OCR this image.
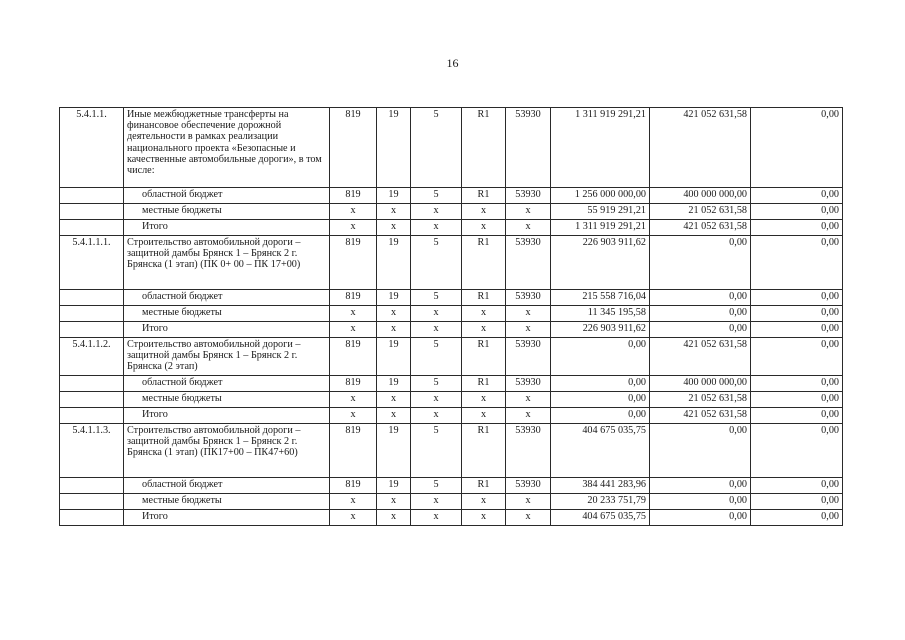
16
5.4.1.1.	Иные межбюджетные трансферты на финансовое обеспечение дорожной деятельности в рамках реализации национального проекта «Безопасные и качественные автомобильные дороги», в том числе:	819	19	5	R1	53930	1 311 919 291,21	421 052 631,58	0,00
	областной бюджет	819	19	5	R1	53930	1 256 000 000,00	400 000 000,00	0,00
	местные бюджеты	х	х	х	х	х	55 919 291,21	21 052 631,58	0,00
	Итого	х	х	х	х	х	1 311 919 291,21	421 052 631,58	0,00
5.4.1.1.1.	Строительство автомобильной дороги – защитной дамбы Брянск 1 – Брянск 2 г. Брянска (1 этап) (ПК 0+ 00 – ПК 17+00)	819	19	5	R1	53930	226 903 911,62	0,00	0,00
	областной бюджет	819	19	5	R1	53930	215 558 716,04	0,00	0,00
	местные бюджеты	х	х	х	х	х	11 345 195,58	0,00	0,00
	Итого	х	х	х	х	х	226 903 911,62	0,00	0,00
5.4.1.1.2.	Строительство автомобильной дороги – защитной дамбы Брянск 1 – Брянск 2 г. Брянска (2 этап)	819	19	5	R1	53930	0,00	421 052 631,58	0,00
	областной бюджет	819	19	5	R1	53930	0,00	400 000 000,00	0,00
	местные бюджеты	х	х	х	х	х	0,00	21 052 631,58	0,00
	Итого	х	х	х	х	х	0,00	421 052 631,58	0,00
5.4.1.1.3.	Строительство автомобильной дороги – защитной дамбы Брянск 1 – Брянск 2 г. Брянска (1 этап) (ПК17+00 – ПК47+60)	819	19	5	R1	53930	404 675 035,75	0,00	0,00
	областной бюджет	819	19	5	R1	53930	384 441 283,96	0,00	0,00
	местные бюджеты	х	х	х	х	х	20 233 751,79	0,00	0,00
	Итого	х	х	х	х	х	404 675 035,75	0,00	0,00
